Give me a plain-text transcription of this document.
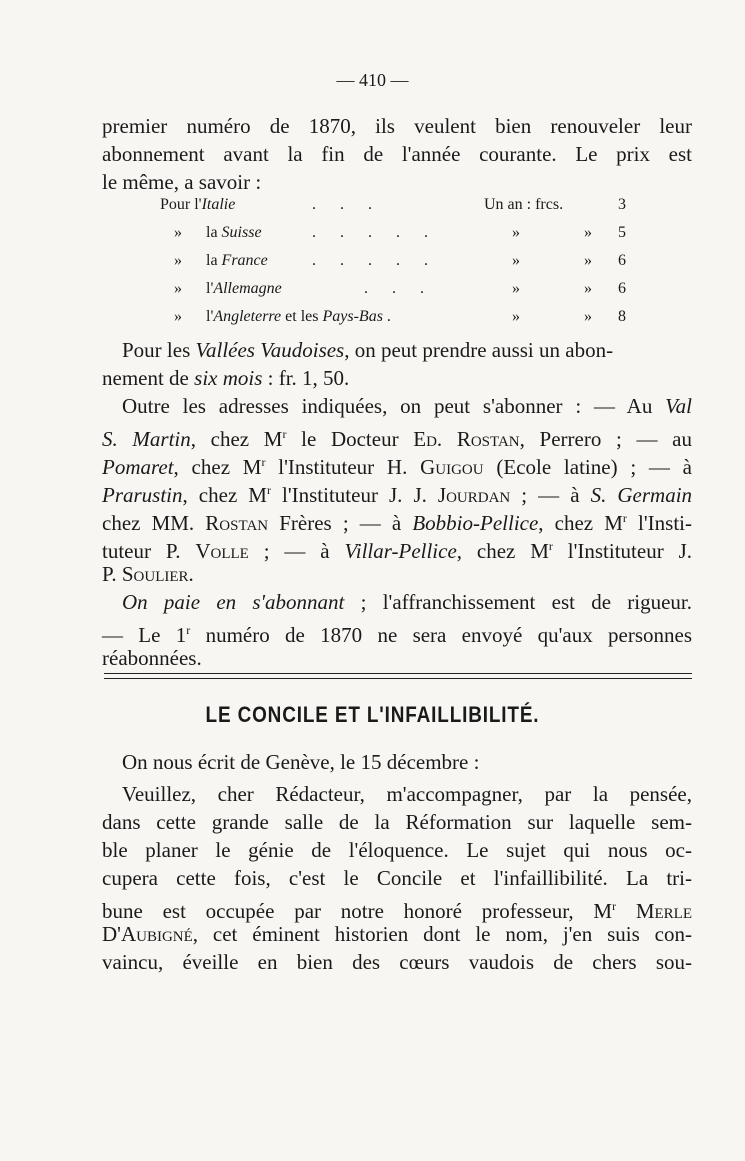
— 410 —

premier numéro de 1870, ils veulent bien renouveler leur

abonnement avant la fin de l'année courante. Le prix est

le même, a savoir :

Pour l'Italie	...	Un an : frcs.	3
» la Suisse	.....	»	» 5
» la France	.....	»	» 6
» l'Allemagne	...	»	» 6
» l'Angleterre et les Pays-Bas .	»	» 8

Pour les Vallées Vaudoises, on peut prendre aussi un abon-
nement de six mois : fr. 1, 50.

Outre les adresses indiquées, on peut s'abonner : — Au Val

S. Martin, chez $M^r$ le Docteur Ed. Rostan, Perrero ; — au

Pomaret, chez $M^r$ l'Instituteur H. Guigou (Ecole latine) ; — à

Prarustin, chez $M^r$ l'Instituteur J. J. Jourdan ; — à S. Germain

chez MM. Rostan Frères ; — à Bobbio-Pellice, chez $M^r$ l'Insti-

tuteur P. Volle ; — à Villar-Pellice, chez $M^r$ l'Instituteur J.

P. Soulier.

On paie en s'abonnant ; l'affranchissement est de rigueur.

— Le 1$^r$ numéro de 1870 ne sera envoyé qu'aux personnes

réabonnées.

LE CONCILE ET L'INFAILLIBILITÉ.

On nous écrit de Genève, le 15 décembre :

Veuillez, cher Rédacteur, m'accompagner, par la pensée,

dans cette grande salle de la Réformation sur laquelle sem-

ble planer le génie de l'éloquence. Le sujet qui nous oc-

cupera cette fois, c'est le Concile et l'infaillibilité. La tri-

bune est occupée par notre honoré professeur, $M^r$ Merle

D'Aubigné, cet éminent historien dont le nom, j'en suis con-

vaincu, éveille en bien des cœurs vaudois de chers sou-
